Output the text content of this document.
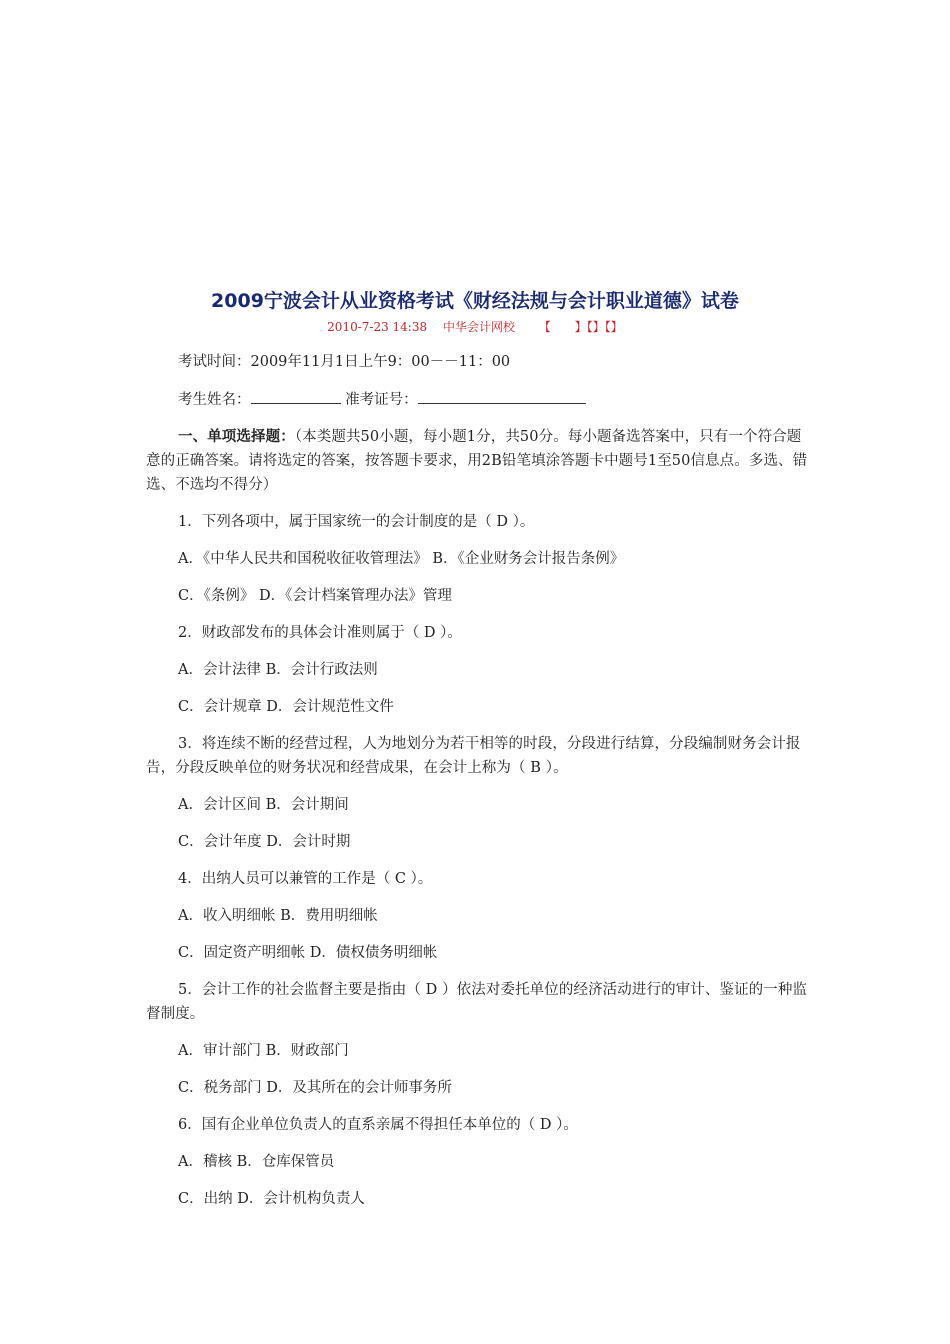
2009宁波会计从业资格考试《财经法规与会计职业道德》试卷
2010-7-23 14:38 中华会计网校 【　　】【】【】
考试时间：2009年11月1日上午9：00－－11：00
考生姓名：	准考证号：
一、单项选择题：（本类题共50小题，每小题1分，共50分。每小题备选答案中，只有一个符合题意的正确答案。请将选定的答案，按答题卡要求，用2B铅笔填涂答题卡中题号1至50信息点。多选、错选、不选均不得分）
1．下列各项中，属于国家统一的会计制度的是（ D ）。
A．《中华人民共和国税收征收管理法》 B．《企业财务会计报告条例》
C．《条例》 D．《会计档案管理办法》管理
2．财政部发布的具体会计准则属于（ D ）。
A．会计法律 B．会计行政法则
C．会计规章 D．会计规范性文件
3．将连续不断的经营过程，人为地划分为若干相等的时段，分段进行结算，分段编制财务会计报告，分段反映单位的财务状况和经营成果，在会计上称为（ B ）。
A．会计区间 B．会计期间
C．会计年度 D．会计时期
4．出纳人员可以兼管的工作是（ C ）。
A．收入明细帐 B．费用明细帐
C．固定资产明细帐 D．债权债务明细帐
5．会计工作的社会监督主要是指由（ D ）依法对委托单位的经济活动进行的审计、鉴证的一种监督制度。
A．审计部门 B．财政部门
C．税务部门 D．及其所在的会计师事务所
6．国有企业单位负责人的直系亲属不得担任本单位的（ D ）。
A．稽核 B．仓库保管员
C．出纳 D．会计机构负责人
